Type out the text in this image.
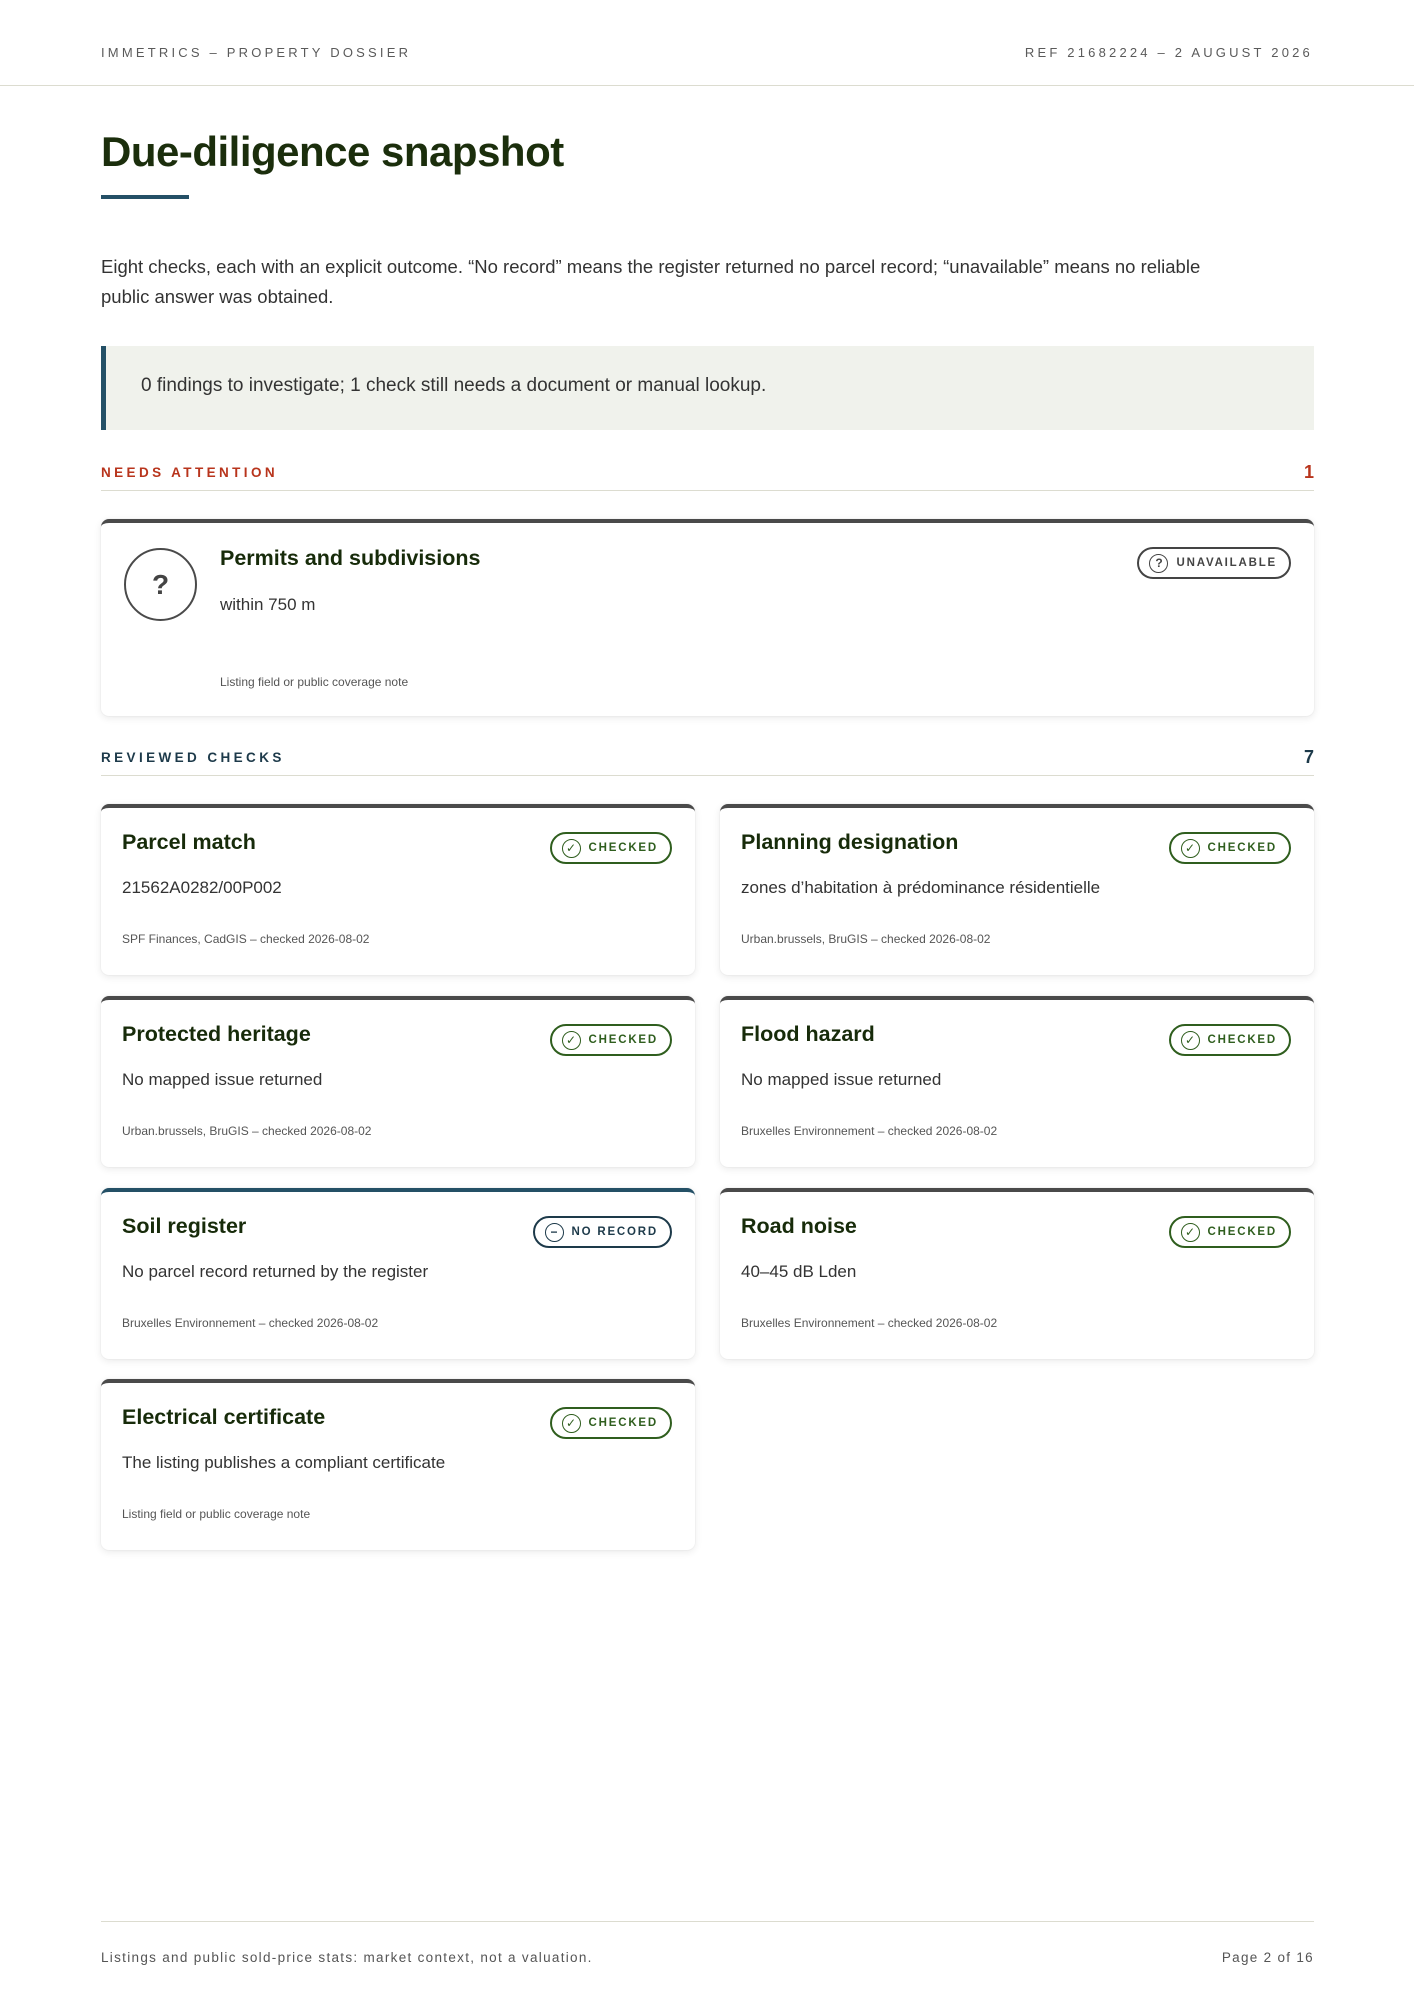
IMMETRICS – PROPERTY DOSSIER	REF 21682224 – 2 AUGUST 2026
Due-diligence snapshot

Eight checks, each with an explicit outcome. “No record” means the register returned no parcel record; “unavailable” means no reliable public answer was obtained.

0 findings to investigate; 1 check still needs a document or manual lookup.
NEEDS ATTENTION	1
?
Permits and subdivisions
within 750 m
Listing field or public coverage note
?	UNAVAILABLE
REVIEWED CHECKS	7
Parcel match
21562A0282/00P002
SPF Finances, CadGIS – checked 2026-08-02
✓	CHECKED	Planning designation
zones d’habitation à prédominance résidentielle
Urban.brussels, BruGIS – checked 2026-08-02
✓	CHECKED
Protected heritage
No mapped issue returned
Urban.brussels, BruGIS – checked 2026-08-02
✓	CHECKED	Flood hazard
No mapped issue returned
Bruxelles Environnement – checked 2026-08-02
✓	CHECKED
Soil register
No parcel record returned by the register
Bruxelles Environnement – checked 2026-08-02
−	NO RECORD	Road noise
40–45 dB Lden
Bruxelles Environnement – checked 2026-08-02
✓	CHECKED
Electrical certificate
The listing publishes a compliant certificate
Listing field or public coverage note
✓	CHECKED
Listings and public sold-price stats: market context, not a valuation.	Page 2 of 16
